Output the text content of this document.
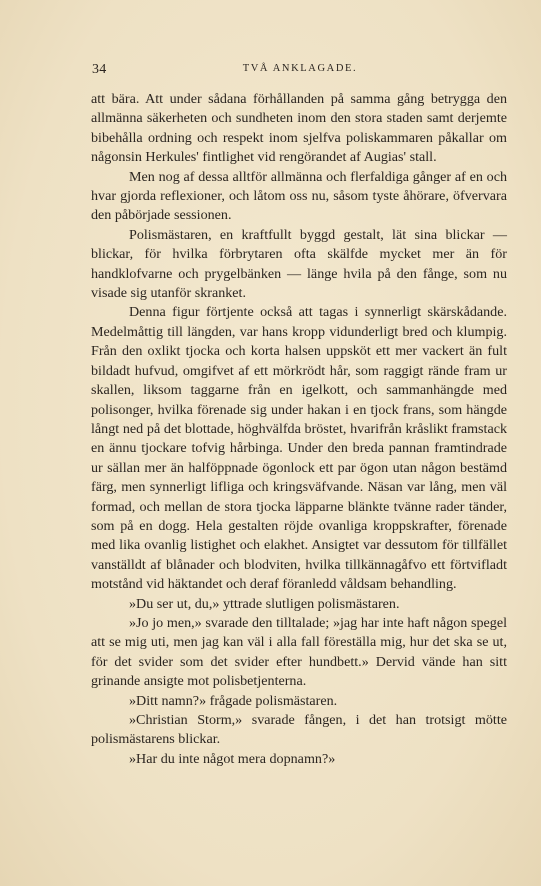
34	TVÅ ANKLAGADE.

att bära. Att under sådana förhållanden på samma gång betrygga den allmänna säkerheten och sundheten inom den stora staden samt derjemte bibehålla ordning och respekt inom sjelfva poliskammaren påkallar om någonsin Herkules' fintlighet vid rengörandet af Augias' stall.

Men nog af dessa alltför allmänna och flerfaldiga gånger af en och hvar gjorda reflexioner, och låtom oss nu, såsom tyste åhörare, öfvervara den påbörjade sessionen.

Polismästaren, en kraftfullt byggd gestalt, lät sina blickar — blickar, för hvilka förbrytaren ofta skälfde mycket mer än för handklofvarne och prygelbänken — länge hvila på den fånge, som nu visade sig utanför skranket.

Denna figur förtjente också att tagas i synnerligt skärskådande. Medelmåttig till längden, var hans kropp vidunderligt bred och klumpig. Från den oxlikt tjocka och korta halsen uppsköt ett mer vackert än fult bildadt hufvud, omgifvet af ett mörkrödt hår, som raggigt rände fram ur skallen, liksom taggarne från en igelkott, och sammanhängde med polisonger, hvilka förenade sig under hakan i en tjock frans, som hängde långt ned på det blottade, höghvälfda bröstet, hvarifrån kråslikt framstack en ännu tjockare tofvig hårbinga. Under den breda pannan framtindrade ur sällan mer än halföppnade ögonlock ett par ögon utan någon bestämd färg, men synnerligt lifliga och kringsväfvande. Näsan var lång, men väl formad, och mellan de stora tjocka läpparne blänkte tvänne rader tänder, som på en dogg. Hela gestalten röjde ovanliga kroppskrafter, förenade med lika ovanlig listighet och elakhet. Ansigtet var dessutom för tillfället vanställdt af blånader och blodviten, hvilka tillkännagåfvo ett förtvifladt motstånd vid häktandet och deraf föranledd våldsam behandling.

»Du ser ut, du,» yttrade slutligen polismästaren.

»Jo jo men,» svarade den tilltalade; »jag har inte haft någon spegel att se mig uti, men jag kan väl i alla fall föreställa mig, hur det ska se ut, för det svider som det svider efter hundbett.» Dervid vände han sitt grinande ansigte mot polisbetjenterna.

»Ditt namn?» frågade polismästaren.

»Christian Storm,» svarade fången, i det han trotsigt mötte polismästarens blickar.

»Har du inte något mera dopnamn?»
